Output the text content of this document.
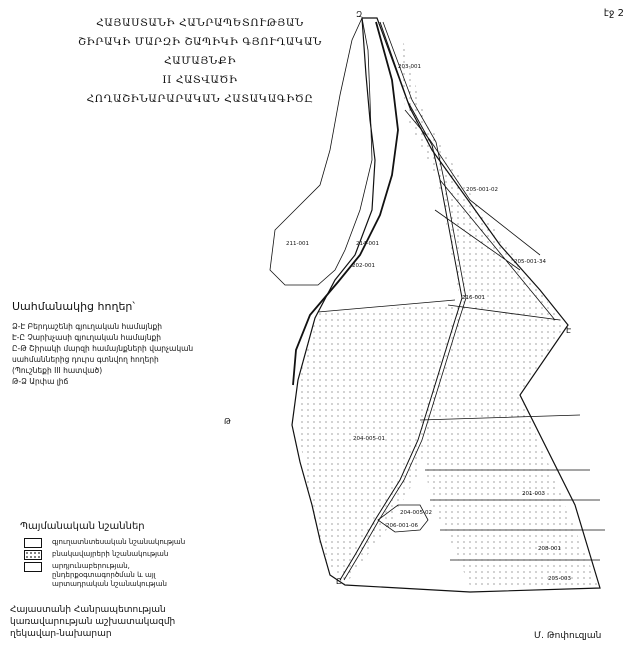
ՀԱՅԱՍՏԱՆԻ ՀԱՆՐԱՊԵՏՈՒԹՅԱՆ
ՇԻՐԱԿԻ ՄԱՐԶԻ ՇԱՊԻԿԻ ԳՅՈՒՂԱԿԱՆ ՀԱՄԱՅՆՔԻ
II ՀԱՏՎԱԾԻ
ՀՈՂԱՇԻՆԱՐԱՐԱԿԱՆ ՀԱՏԱԿԱԳԻԾԸ
էջ 2
Զ
Է
Ը
Թ
203-001
205-001-02
205-001-34
211-001	214-001
202-001
216-001
204-005-01
201-003
204-005-02
206-001-06
208-001
205-003
Սահմանակից հողեր՝
Ձ-Է Բերդաշենի գյուղական համայնքի
Է-Ը Չարխչասի գյուղական համայնքի
Ը-Թ Շիրակի մարզի համայնքների վարչական
սահմաններից դուրս գտնվող հողերի
(Պուշնեքի III հատված)
Թ-Ձ Արփա լիճ
Պայմանական նշաններ
գյուղատնտեսական նշանակության
բնակավայրերի նշանակության
արդյունաբերության, ընդերքօգտագործման և այլ արտադրական նշանակության
Հայաստանի Հանրապետության
կառավարության աշխատակազմի
ղեկավար-նախարար	Մ. Թոփուզյան
